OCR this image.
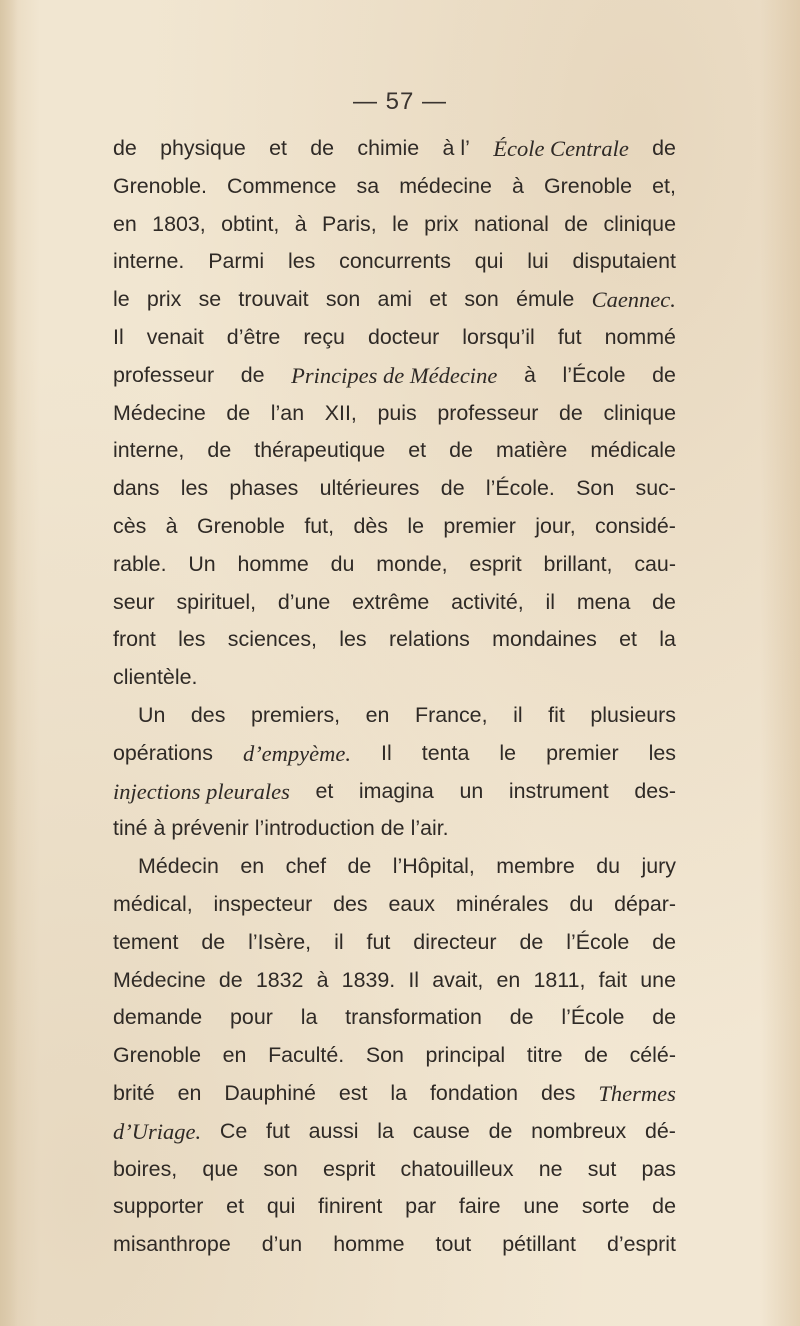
— 57 —
de physique et de chimie à l’ École Centrale de
Grenoble. Commence sa médecine à Grenoble et,
en 1803, obtint, à Paris, le prix national de clinique
interne. Parmi les concurrents qui lui disputaient
le prix se trouvait son ami et son émule Caennec.
Il venait d’être reçu docteur lorsqu’il fut nommé
professeur de Principes de Médecine à l’École de
Médecine de l’an XII, puis professeur de clinique
interne, de thérapeutique et de matière médicale
dans les phases ultérieures de l’École. Son suc-
cès à Grenoble fut, dès le premier jour, considé-
rable. Un homme du monde, esprit brillant, cau-
seur spirituel, d’une extrême activité, il mena de
front les sciences, les relations mondaines et la
clientèle.
Un des premiers, en France, il fit plusieurs
opérations d’empyème. Il tenta le premier les
injections pleurales et imagina un instrument des-
tiné à prévenir l’introduction de l’air.
Médecin en chef de l’Hôpital, membre du jury
médical, inspecteur des eaux minérales du dépar-
tement de l’Isère, il fut directeur de l’École de
Médecine de 1832 à 1839. Il avait, en 1811, fait une
demande pour la transformation de l’École de
Grenoble en Faculté. Son principal titre de célé-
brité en Dauphiné est la fondation des Thermes
d’Uriage. Ce fut aussi la cause de nombreux dé-
boires, que son esprit chatouilleux ne sut pas
supporter et qui finirent par faire une sorte de
misanthrope d’un homme tout pétillant d’esprit
